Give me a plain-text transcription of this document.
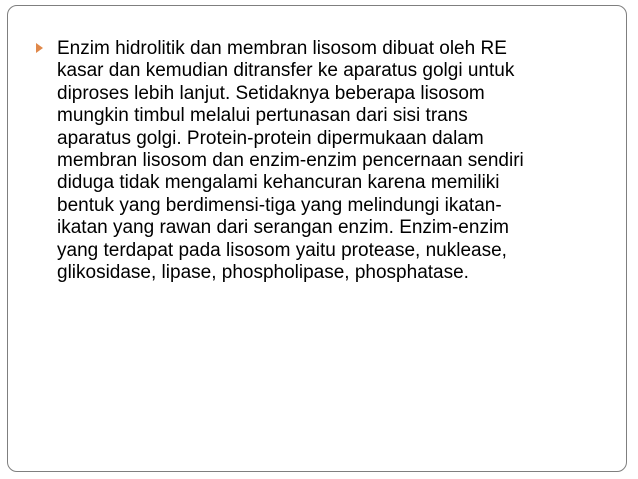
Enzim hidrolitik dan membran lisosom dibuat oleh RE
kasar dan kemudian ditransfer ke aparatus golgi untuk
diproses lebih lanjut. Setidaknya beberapa lisosom
mungkin timbul melalui pertunasan dari sisi trans
aparatus golgi. Protein-protein dipermukaan dalam
membran lisosom dan enzim-enzim pencernaan sendiri
diduga tidak mengalami kehancuran karena memiliki
bentuk yang berdimensi-tiga yang melindungi ikatan-
ikatan yang rawan dari serangan enzim. Enzim-enzim
yang terdapat pada lisosom yaitu protease, nuklease,
glikosidase, lipase, phospholipase, phosphatase.
